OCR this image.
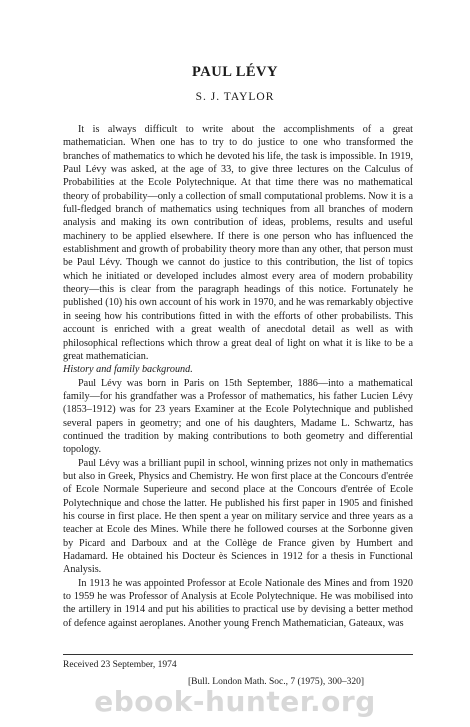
PAUL LÉVY
S. J. TAYLOR

It is always difficult to write about the accomplishments of a great mathematician. When one has to try to do justice to one who transformed the branches of mathematics to which he devoted his life, the task is impossible. In 1919, Paul Lévy was asked, at the age of 33, to give three lectures on the Calculus of Probabilities at the Ecole Polytechnique. At that time there was no mathematical theory of probability—only a collection of small computational problems. Now it is a full-fledged branch of mathematics using techniques from all branches of modern analysis and making its own contribution of ideas, problems, results and useful machinery to be applied elsewhere. If there is one person who has influenced the establishment and growth of probability theory more than any other, that person must be Paul Lévy. Though we cannot do justice to this contribution, the list of topics which he initiated or developed includes almost every area of modern probability theory—this is clear from the paragraph headings of this notice. Fortunately he published (10) his own account of his work in 1970, and he was remarkably objective in seeing how his contributions fitted in with the efforts of other probabilists. This account is enriched with a great wealth of anecdotal detail as well as with philosophical reflections which throw a great deal of light on what it is like to be a great mathematician.

History and family background.

Paul Lévy was born in Paris on 15th September, 1886—into a mathematical family—for his grandfather was a Professor of mathematics, his father Lucien Lévy (1853–1912) was for 23 years Examiner at the Ecole Polytechnique and published several papers in geometry; and one of his daughters, Madame L. Schwartz, has continued the tradition by making contributions to both geometry and differential topology.

Paul Lévy was a brilliant pupil in school, winning prizes not only in mathematics but also in Greek, Physics and Chemistry. He won first place at the Concours d'entrée of Ecole Normale Superieure and second place at the Concours d'entrée of Ecole Polytechnique and chose the latter. He published his first paper in 1905 and finished his course in first place. He then spent a year on military service and three years as a teacher at Ecole des Mines. While there he followed courses at the Sorbonne given by Picard and Darboux and at the Collège de France given by Humbert and Hadamard. He obtained his Docteur ès Sciences in 1912 for a thesis in Functional Analysis.

In 1913 he was appointed Professor at Ecole Nationale des Mines and from 1920 to 1959 he was Professor of Analysis at Ecole Polytechnique. He was mobilised into the artillery in 1914 and put his abilities to practical use by devising a better method of defence against aeroplanes. Another young French Mathematician, Gateaux, was

Received 23 September, 1974
[Bull. London Math. Soc., 7 (1975), 300–320]
ebook-hunter.org
